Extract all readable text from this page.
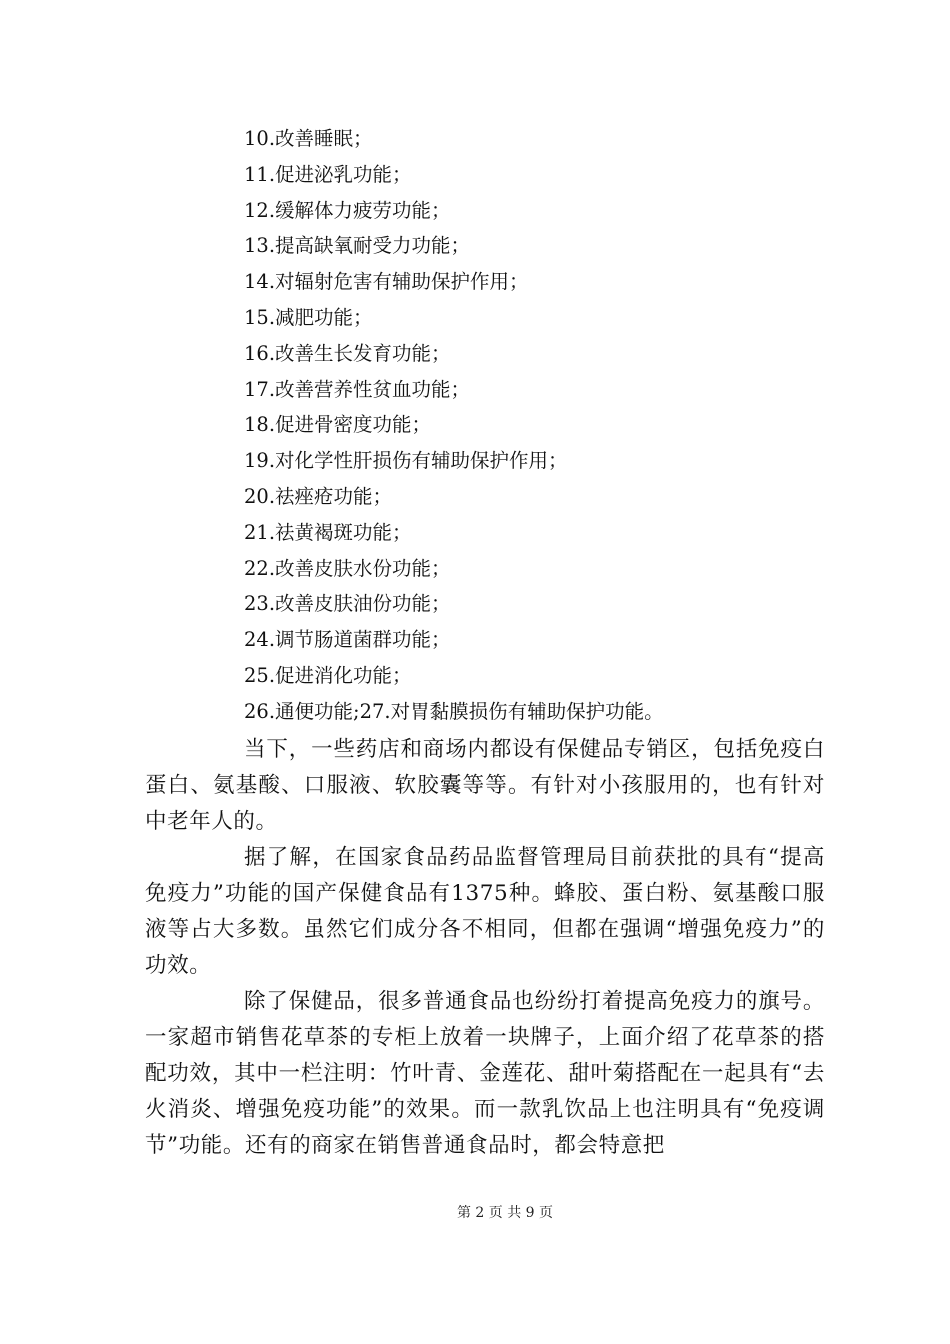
10.改善睡眠；
11.促进泌乳功能；
12.缓解体力疲劳功能；
13.提高缺氧耐受力功能；
14.对辐射危害有辅助保护作用；
15.减肥功能；
16.改善生长发育功能；
17.改善营养性贫血功能；
18.促进骨密度功能；
19.对化学性肝损伤有辅助保护作用；
20.祛痤疮功能；
21.祛黄褐斑功能；
22.改善皮肤水份功能；
23.改善皮肤油份功能；
24.调节肠道菌群功能；
25.促进消化功能；
26.通便功能;27.对胃黏膜损伤有辅助保护功能。

当下，一些药店和商场内都设有保健品专销区，包括免疫白蛋白、氨基酸、口服液、软胶囊等等。有针对小孩服用的，也有针对中老年人的。

据了解，在国家食品药品监督管理局目前获批的具有“提高免疫力”功能的国产保健食品有1375种。蜂胶、蛋白粉、氨基酸口服液等占大多数。虽然它们成分各不相同，但都在强调“增强免疫力”的功效。

除了保健品，很多普通食品也纷纷打着提高免疫力的旗号。一家超市销售花草茶的专柜上放着一块牌子，上面介绍了花草茶的搭配功效，其中一栏注明：竹叶青、金莲花、甜叶菊搭配在一起具有“去火消炎、增强免疫功能”的效果。而一款乳饮品上也注明具有“免疫调节”功能。还有的商家在销售普通食品时，都会特意把

第 2 页 共 9 页
